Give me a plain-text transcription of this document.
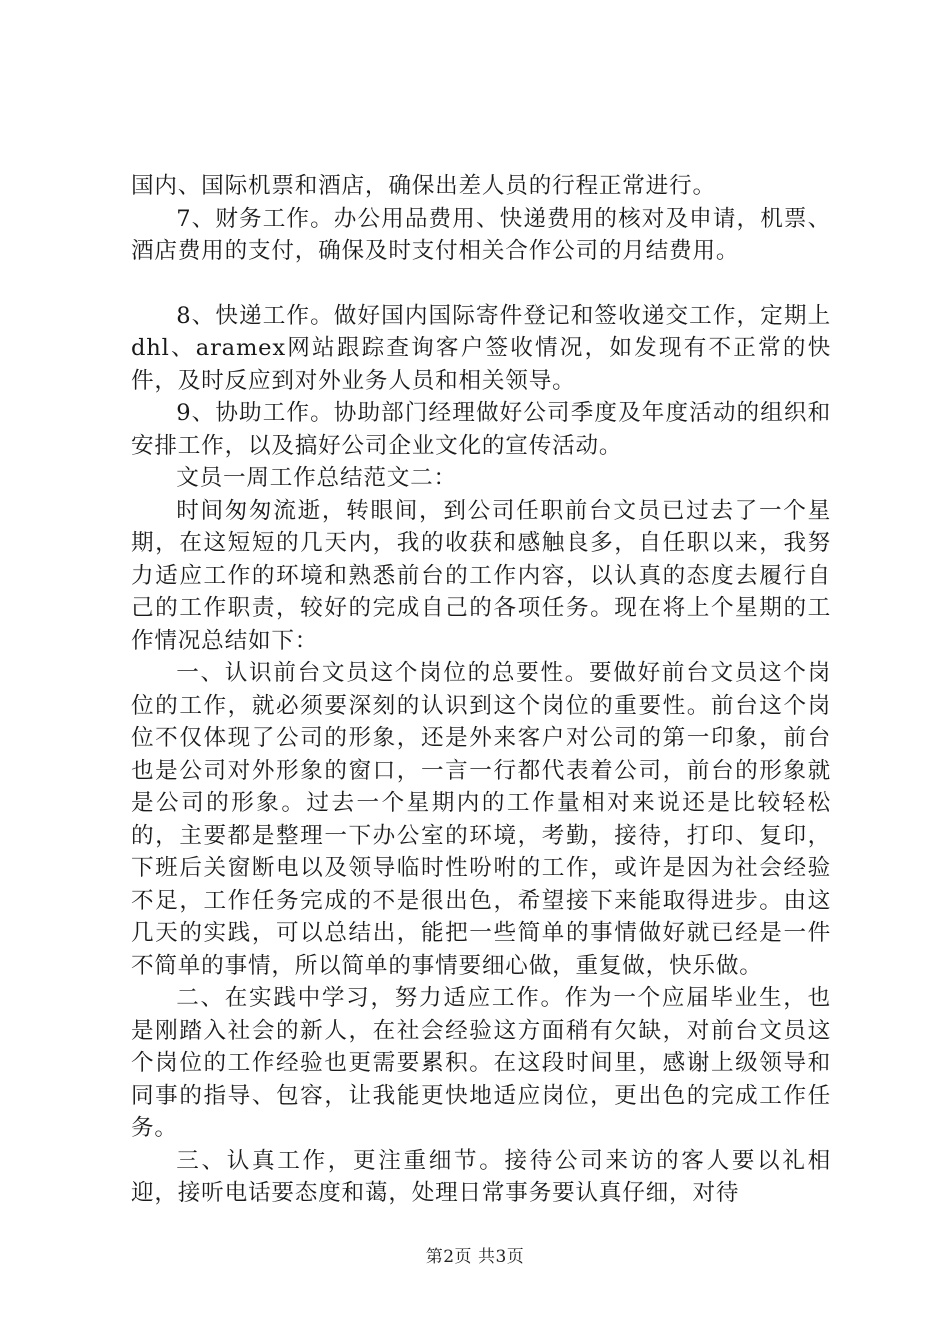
国内、国际机票和酒店，确保出差人员的行程正常进行。

7、财务工作。办公用品费用、快递费用的核对及申请，机票、酒店费用的支付，确保及时支付相关合作公司的月结费用。

8、快递工作。做好国内国际寄件登记和签收递交工作，定期上dhl、aramex网站跟踪查询客户签收情况，如发现有不正常的快件，及时反应到对外业务人员和相关领导。

9、协助工作。协助部门经理做好公司季度及年度活动的组织和安排工作，以及搞好公司企业文化的宣传活动。

文员一周工作总结范文二：

时间匆匆流逝，转眼间，到公司任职前台文员已过去了一个星期，在这短短的几天内，我的收获和感触良多，自任职以来，我努力适应工作的环境和熟悉前台的工作内容，以认真的态度去履行自己的工作职责，较好的完成自己的各项任务。现在将上个星期的工作情况总结如下：

一、认识前台文员这个岗位的总要性。要做好前台文员这个岗位的工作，就必须要深刻的认识到这个岗位的重要性。前台这个岗位不仅体现了公司的形象，还是外来客户对公司的第一印象，前台也是公司对外形象的窗口，一言一行都代表着公司，前台的形象就是公司的形象。过去一个星期内的工作量相对来说还是比较轻松的，主要都是整理一下办公室的环境，考勤，接待，打印、复印，下班后关窗断电以及领导临时性吩咐的工作，或许是因为社会经验不足，工作任务完成的不是很出色，希望接下来能取得进步。由这几天的实践，可以总结出，能把一些简单的事情做好就已经是一件不简单的事情，所以简单的事情要细心做，重复做，快乐做。

二、在实践中学习，努力适应工作。作为一个应届毕业生，也是刚踏入社会的新人，在社会经验这方面稍有欠缺，对前台文员这个岗位的工作经验也更需要累积。在这段时间里，感谢上级领导和同事的指导、包容，让我能更快地适应岗位，更出色的完成工作任务。

三、认真工作，更注重细节。接待公司来访的客人要以礼相迎，接听电话要态度和蔼，处理日常事务要认真仔细，对待

第2页 共3页
